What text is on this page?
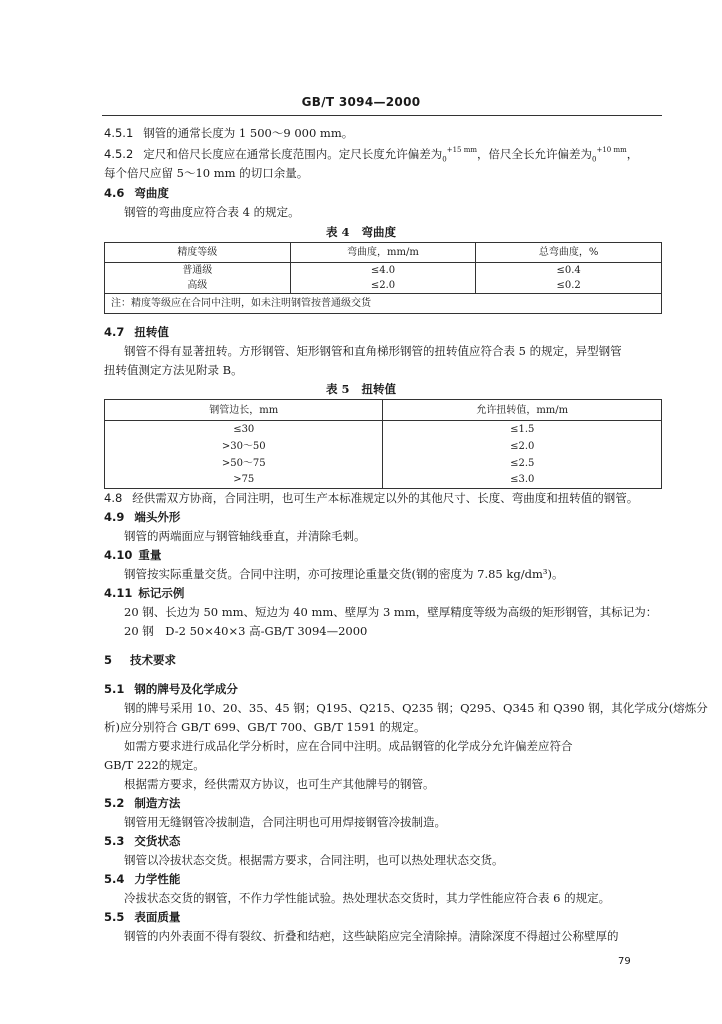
GB/T 3094—2000
4.5.1 钢管的通常长度为 1 500～9 000 mm。
4.5.2 定尺和倍尺长度应在通常长度范围内。定尺长度允许偏差为$_0^{+15 mm}$，倍尺全长允许偏差为$_0^{+10 mm}$，
每个倍尺应留 5～10 mm 的切口余量。
4.6 弯曲度
钢管的弯曲度应符合表 4 的规定。
表 4 弯曲度
精度等级	弯曲度，mm/m	总弯曲度，%
普通级	≤4.0	≤0.4
高级	≤2.0	≤0.2
注：精度等级应在合同中注明，如未注明钢管按普通级交货		
4.7 扭转值
钢管不得有显著扭转。方形钢管、矩形钢管和直角梯形钢管的扭转值应符合表 5 的规定，异型钢管
扭转值测定方法见附录 B。
表 5 扭转值
钢管边长，mm	允许扭转值，mm/m
≤30	≤1.5
>30～50	≤2.0
>50～75	≤2.5
>75	≤3.0
4.8 经供需双方协商，合同注明，也可生产本标准规定以外的其他尺寸、长度、弯曲度和扭转值的钢管。
4.9 端头外形
钢管的两端面应与钢管轴线垂直，并清除毛刺。
4.10 重量
钢管按实际重量交货。合同中注明，亦可按理论重量交货(钢的密度为 7.85 kg/dm³)。
4.11 标记示例
20 钢、长边为 50 mm、短边为 40 mm、壁厚为 3 mm，壁厚精度等级为高级的矩形钢管，其标记为：
20 钢　D-2 50×40×3 高-GB/T 3094—2000
5 技术要求
5.1 钢的牌号及化学成分
钢的牌号采用 10、20、35、45 钢；Q195、Q215、Q235 钢；Q295、Q345 和 Q390 钢，其化学成分(熔炼分
析)应分别符合 GB/T 699、GB/T 700、GB/T 1591 的规定。
如需方要求进行成品化学分析时，应在合同中注明。成品钢管的化学成分允许偏差应符合
GB/T 222的规定。
根据需方要求，经供需双方协议，也可生产其他牌号的钢管。
5.2 制造方法
钢管用无缝钢管冷拔制造，合同注明也可用焊接钢管冷拔制造。
5.3 交货状态
钢管以冷拔状态交货。根据需方要求，合同注明，也可以热处理状态交货。
5.4 力学性能
冷拔状态交货的钢管，不作力学性能试验。热处理状态交货时，其力学性能应符合表 6 的规定。
5.5 表面质量
钢管的内外表面不得有裂纹、折叠和结疤，这些缺陷应完全清除掉。清除深度不得超过公称壁厚的
79
